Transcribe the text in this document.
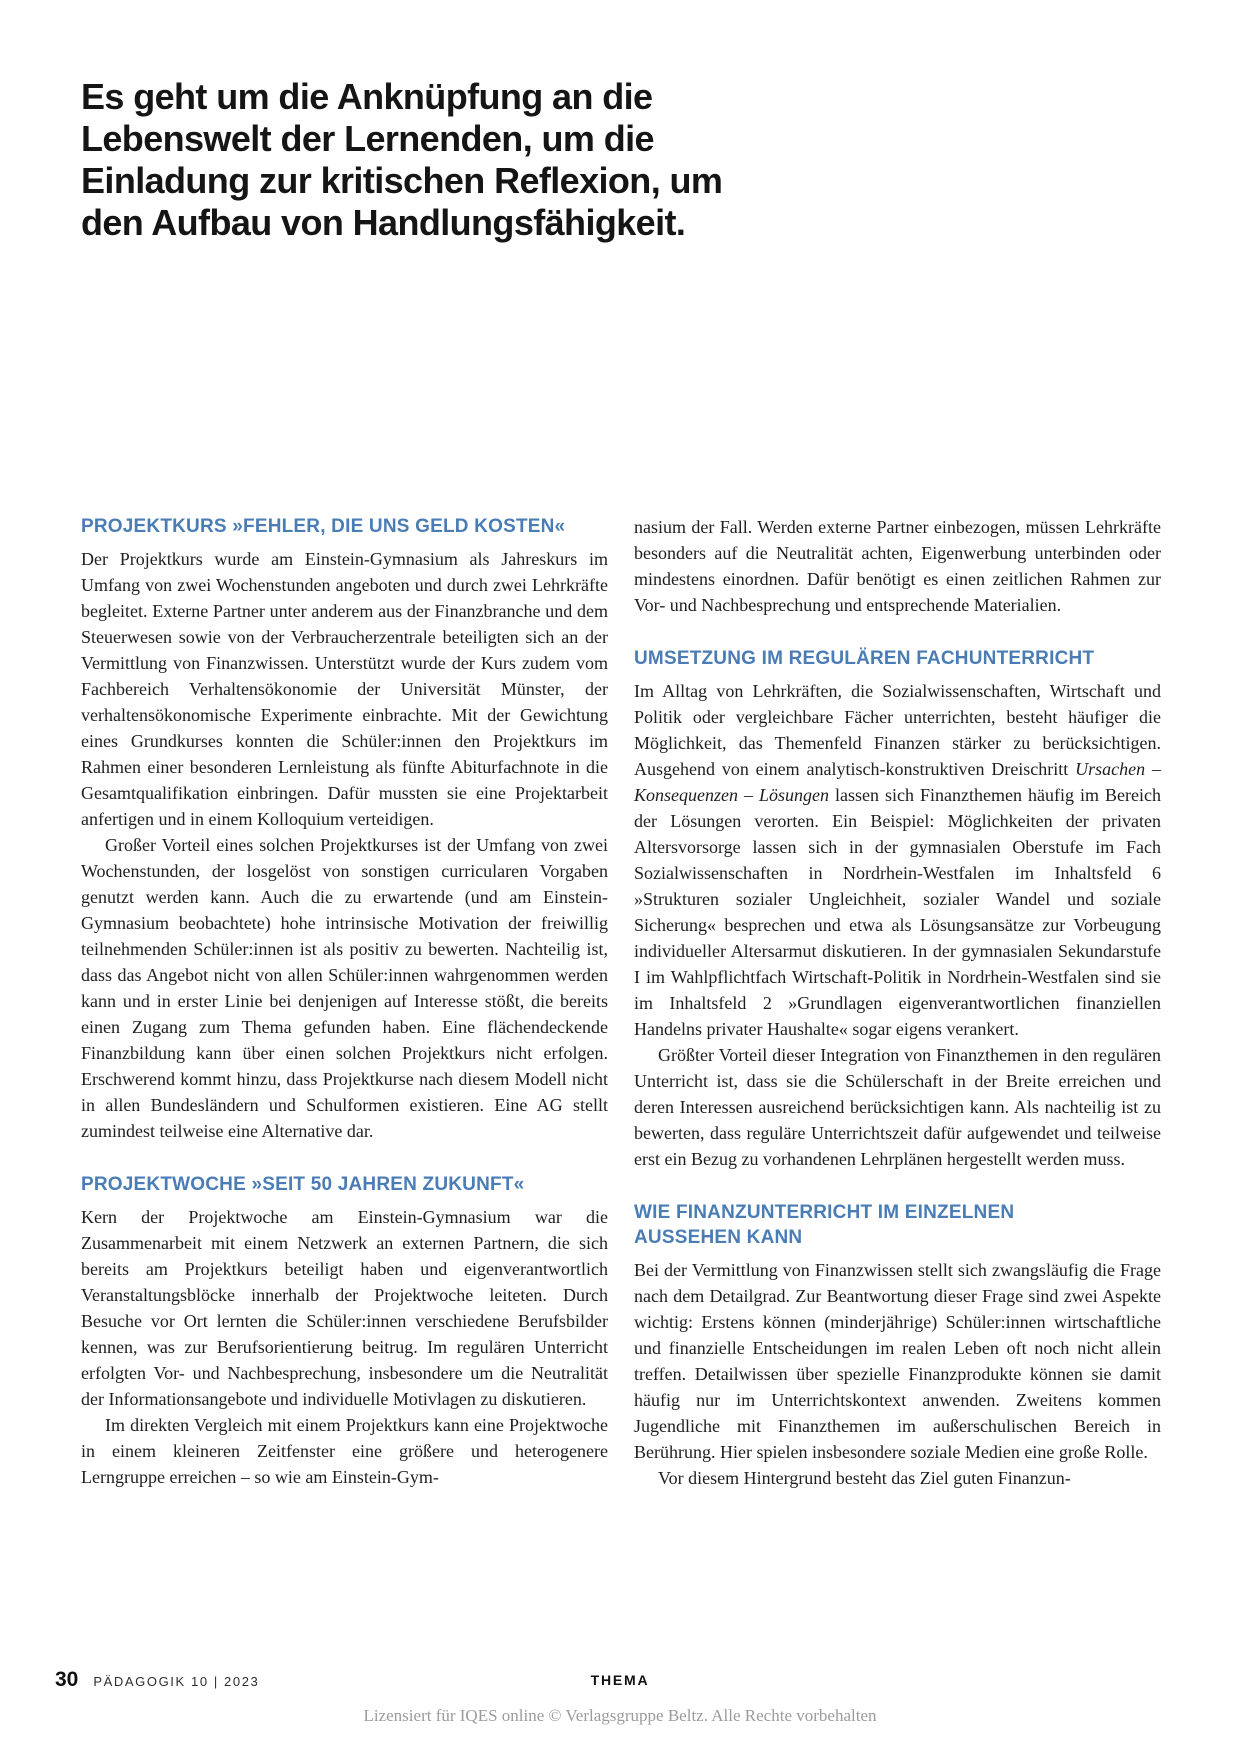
Es geht um die Anknüpfung an die
Lebenswelt der Lernenden, um die
Einladung zur kritischen Reflexion, um
den Aufbau von Handlungsfähigkeit.
PROJEKTKURS »FEHLER, DIE UNS GELD KOSTEN«

Der Projektkurs wurde am Einstein-Gymnasium als Jahreskurs im Umfang von zwei Wochenstunden angeboten und durch zwei Lehrkräfte begleitet. Externe Partner unter anderem aus der Finanzbranche und dem Steuerwesen sowie von der Verbraucherzentrale beteiligten sich an der Vermittlung von Finanzwissen. Unterstützt wurde der Kurs zudem vom Fachbereich Verhaltensökonomie der Universität Münster, der verhaltensökonomische Experimente einbrachte. Mit der Gewichtung eines Grundkurses konnten die Schüler:innen den Projektkurs im Rahmen einer besonderen Lernleistung als fünfte Abiturfachnote in die Gesamtqualifikation einbringen. Dafür mussten sie eine Projektarbeit anfertigen und in einem Kolloquium verteidigen.

Großer Vorteil eines solchen Projektkurses ist der Umfang von zwei Wochenstunden, der losgelöst von sonstigen curricularen Vorgaben genutzt werden kann. Auch die zu erwartende (und am Einstein-Gymnasium beobachtete) hohe intrinsische Motivation der freiwillig teilnehmenden Schüler:innen ist als positiv zu bewerten. Nachteilig ist, dass das Angebot nicht von allen Schüler:innen wahrgenommen werden kann und in erster Linie bei denjenigen auf Interesse stößt, die bereits einen Zugang zum Thema gefunden haben. Eine flächendeckende Finanzbildung kann über einen solchen Projektkurs nicht erfolgen. Erschwerend kommt hinzu, dass Projektkurse nach diesem Modell nicht in allen Bundesländern und Schulformen existieren. Eine AG stellt zumindest teilweise eine Alternative dar.

PROJEKTWOCHE »SEIT 50 JAHREN ZUKUNFT«

Kern der Projektwoche am Einstein-Gymnasium war die Zusammenarbeit mit einem Netzwerk an externen Partnern, die sich bereits am Projektkurs beteiligt haben und eigenverantwortlich Veranstaltungsblöcke innerhalb der Projektwoche leiteten. Durch Besuche vor Ort lernten die Schüler:innen verschiedene Berufsbilder kennen, was zur Berufsorientierung beitrug. Im regulären Unterricht erfolgten Vor- und Nachbesprechung, insbesondere um die Neutralität der Informationsangebote und individuelle Motivlagen zu diskutieren.

Im direkten Vergleich mit einem Projektkurs kann eine Projektwoche in einem kleineren Zeitfenster eine größere und heterogenere Lerngruppe erreichen – so wie am Einstein-Gym-

nasium der Fall. Werden externe Partner einbezogen, müssen Lehrkräfte besonders auf die Neutralität achten, Eigenwerbung unterbinden oder mindestens einordnen. Dafür benötigt es einen zeitlichen Rahmen zur Vor- und Nachbesprechung und entsprechende Materialien.

UMSETZUNG IM REGULÄREN FACHUNTERRICHT

Im Alltag von Lehrkräften, die Sozialwissenschaften, Wirtschaft und Politik oder vergleichbare Fächer unterrichten, besteht häufiger die Möglichkeit, das Themenfeld Finanzen stärker zu berücksichtigen. Ausgehend von einem analytisch-konstruktiven Dreischritt Ursachen – Konsequenzen – Lösungen lassen sich Finanzthemen häufig im Bereich der Lösungen verorten. Ein Beispiel: Möglichkeiten der privaten Altersvorsorge lassen sich in der gymnasialen Oberstufe im Fach Sozialwissenschaften in Nordrhein-Westfalen im Inhaltsfeld 6 »Strukturen sozialer Ungleichheit, sozialer Wandel und soziale Sicherung« besprechen und etwa als Lösungsansätze zur Vorbeugung individueller Altersarmut diskutieren. In der gymnasialen Sekundarstufe I im Wahlpflichtfach Wirtschaft-Politik in Nordrhein-Westfalen sind sie im Inhaltsfeld 2 »Grundlagen eigenverantwortlichen finanziellen Handelns privater Haushalte« sogar eigens verankert.

Größter Vorteil dieser Integration von Finanzthemen in den regulären Unterricht ist, dass sie die Schülerschaft in der Breite erreichen und deren Interessen ausreichend berücksichtigen kann. Als nachteilig ist zu bewerten, dass reguläre Unterrichtszeit dafür aufgewendet und teilweise erst ein Bezug zu vorhandenen Lehrplänen hergestellt werden muss.

WIE FINANZUNTERRICHT IM EINZELNEN
AUSSEHEN KANN

Bei der Vermittlung von Finanzwissen stellt sich zwangsläufig die Frage nach dem Detailgrad. Zur Beantwortung dieser Frage sind zwei Aspekte wichtig: Erstens können (minderjährige) Schüler:innen wirtschaftliche und finanzielle Entscheidungen im realen Leben oft noch nicht allein treffen. Detailwissen über spezielle Finanzprodukte können sie damit häufig nur im Unterrichtskontext anwenden. Zweitens kommen Jugendliche mit Finanzthemen im außerschulischen Bereich in Berührung. Hier spielen insbesondere soziale Medien eine große Rolle.

Vor diesem Hintergrund besteht das Ziel guten Finanzun-

30 PÄDAGOGIK 10 | 2023	THEMA
Lizensiert für IQES online © Verlagsgruppe Beltz. Alle Rechte vorbehalten
